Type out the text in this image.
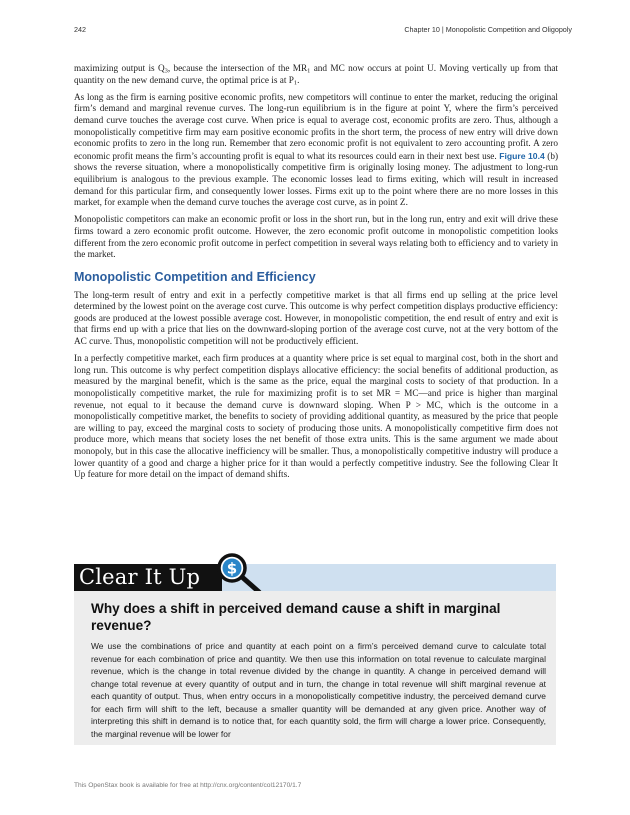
242	Chapter 10 | Monopolistic Competition and Oligopoly

maximizing output is $Q_3$, because the intersection of the $MR_1$ and MC now occurs at point U. Moving vertically up from that quantity on the new demand curve, the optimal price is at $P_1$.

As long as the firm is earning positive economic profits, new competitors will continue to enter the market, reducing the original firm’s demand and marginal revenue curves. The long-run equilibrium is in the figure at point Y, where the firm’s perceived demand curve touches the average cost curve. When price is equal to average cost, economic profits are zero. Thus, although a monopolistically competitive firm may earn positive economic profits in the short term, the process of new entry will drive down economic profits to zero in the long run. Remember that zero economic profit is not equivalent to zero accounting profit. A zero economic profit means the firm’s accounting profit is equal to what its resources could earn in their next best use. Figure 10.4 (b) shows the reverse situation, where a monopolistically competitive firm is originally losing money. The adjustment to long-run equilibrium is analogous to the previous example. The economic losses lead to firms exiting, which will result in increased demand for this particular firm, and consequently lower losses. Firms exit up to the point where there are no more losses in this market, for example when the demand curve touches the average cost curve, as in point Z.

Monopolistic competitors can make an economic profit or loss in the short run, but in the long run, entry and exit will drive these firms toward a zero economic profit outcome. However, the zero economic profit outcome in monopolistic competition looks different from the zero economic profit outcome in perfect competition in several ways relating both to efficiency and to variety in the market.

Monopolistic Competition and Efficiency

The long-term result of entry and exit in a perfectly competitive market is that all firms end up selling at the price level determined by the lowest point on the average cost curve. This outcome is why perfect competition displays productive efficiency: goods are produced at the lowest possible average cost. However, in monopolistic competition, the end result of entry and exit is that firms end up with a price that lies on the downward-sloping portion of the average cost curve, not at the very bottom of the AC curve. Thus, monopolistic competition will not be productively efficient.

In a perfectly competitive market, each firm produces at a quantity where price is set equal to marginal cost, both in the short and long run. This outcome is why perfect competition displays allocative efficiency: the social benefits of additional production, as measured by the marginal benefit, which is the same as the price, equal the marginal costs to society of that production. In a monopolistically competitive market, the rule for maximizing profit is to set MR = MC—and price is higher than marginal revenue, not equal to it because the demand curve is downward sloping. When P > MC, which is the outcome in a monopolistically competitive market, the benefits to society of providing additional quantity, as measured by the price that people are willing to pay, exceed the marginal costs to society of producing those units. A monopolistically competitive firm does not produce more, which means that society loses the net benefit of those extra units. This is the same argument we made about monopoly, but in this case the allocative inefficiency will be smaller. Thus, a monopolistically competitive industry will produce a lower quantity of a good and charge a higher price for it than would a perfectly competitive industry. See the following Clear It Up feature for more detail on the impact of demand shifts.

Clear It Up $
Why does a shift in perceived demand cause a shift in marginal revenue?
We use the combinations of price and quantity at each point on a firm’s perceived demand curve to calculate total revenue for each combination of price and quantity. We then use this information on total revenue to calculate marginal revenue, which is the change in total revenue divided by the change in quantity. A change in perceived demand will change total revenue at every quantity of output and in turn, the change in total revenue will shift marginal revenue at each quantity of output. Thus, when entry occurs in a monopolistically competitive industry, the perceived demand curve for each firm will shift to the left, because a smaller quantity will be demanded at any given price. Another way of interpreting this shift in demand is to notice that, for each quantity sold, the firm will charge a lower price. Consequently, the marginal revenue will be lower for
This OpenStax book is available for free at http://cnx.org/content/col12170/1.7
